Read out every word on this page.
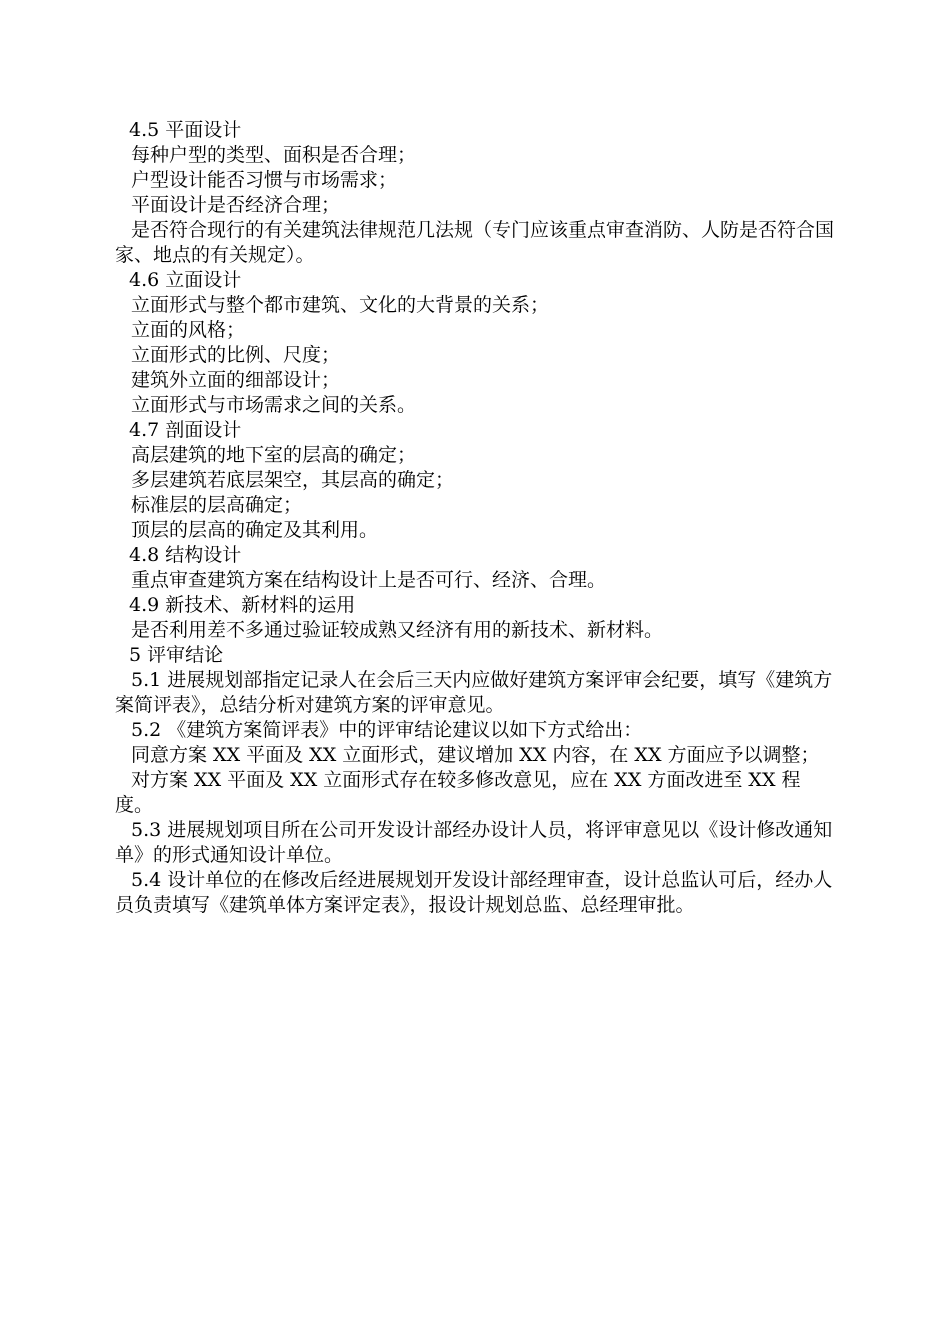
4.5 平面设计

每种户型的类型、面积是否合理；

户型设计能否习惯与市场需求；

平面设计是否经济合理；

是否符合现行的有关建筑法律规范几法规（专门应该重点审查消防、人防是否符合国家、地点的有关规定）。

4.6 立面设计

立面形式与整个都市建筑、文化的大背景的关系；

立面的风格；

立面形式的比例、尺度；

建筑外立面的细部设计；

立面形式与市场需求之间的关系。

4.7 剖面设计

高层建筑的地下室的层高的确定；

多层建筑若底层架空，其层高的确定；

标准层的层高确定；

顶层的层高的确定及其利用。

4.8 结构设计

重点审查建筑方案在结构设计上是否可行、经济、合理。

4.9 新技术、新材料的运用

是否利用差不多通过验证较成熟又经济有用的新技术、新材料。

5 评审结论

5.1 进展规划部指定记录人在会后三天内应做好建筑方案评审会纪要，填写《建筑方案简评表》，总结分析对建筑方案的评审意见。

5.2 《建筑方案简评表》中的评审结论建议以如下方式给出：

同意方案 XX 平面及 XX 立面形式，建议增加 XX 内容，在 XX 方面应予以调整；

对方案 XX 平面及 XX 立面形式存在较多修改意见，应在 XX 方面改进至 XX 程度。

5.3 进展规划项目所在公司开发设计部经办设计人员，将评审意见以《设计修改通知单》的形式通知设计单位。

5.4 设计单位的在修改后经进展规划开发设计部经理审查，设计总监认可后，经办人员负责填写《建筑单体方案评定表》，报设计规划总监、总经理审批。
